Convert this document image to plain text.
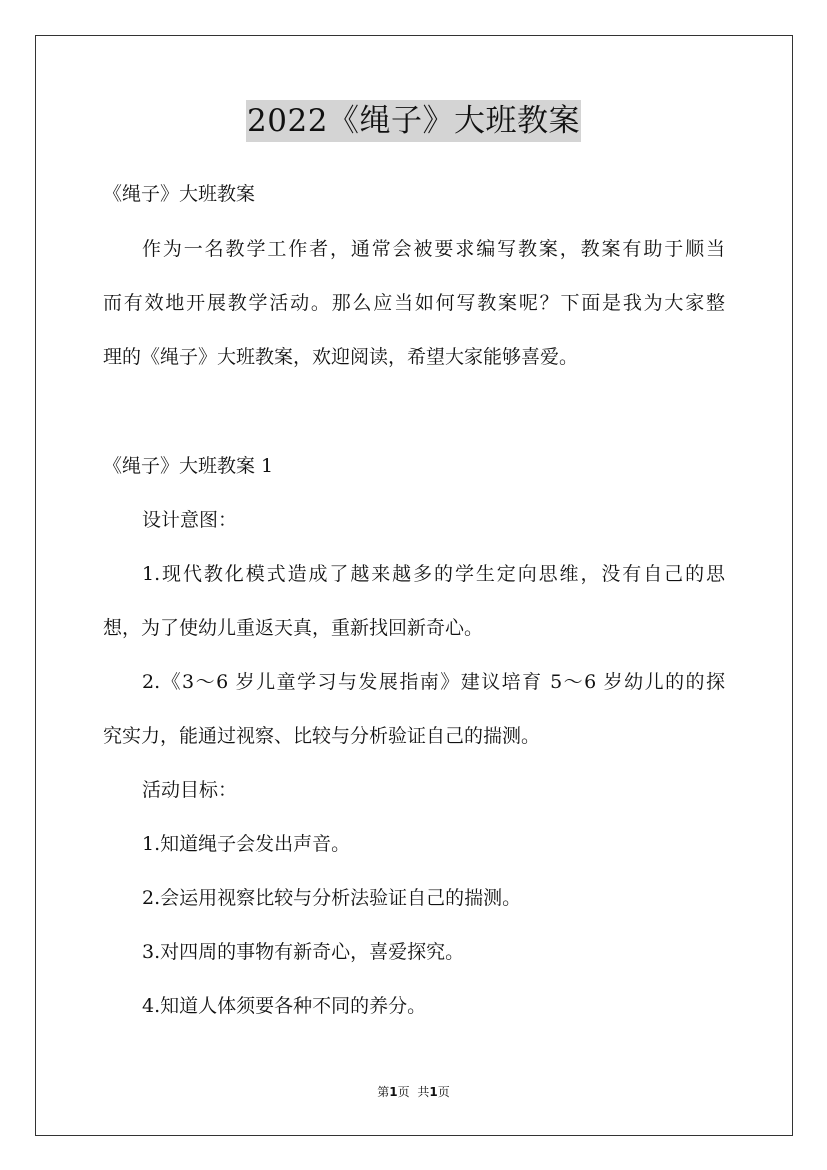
2022《绳子》大班教案
《绳子》大班教案
作为一名教学工作者，通常会被要求编写教案，教案有助于顺当
而有效地开展教学活动。那么应当如何写教案呢？下面是我为大家整
理的《绳子》大班教案，欢迎阅读，希望大家能够喜爱。
《绳子》大班教案 1
设计意图：
1.现代教化模式造成了越来越多的学生定向思维，没有自己的思
想，为了使幼儿重返天真，重新找回新奇心。
2.《3～6 岁儿童学习与发展指南》建议培育 5～6 岁幼儿的的探
究实力，能通过视察、比较与分析验证自己的揣测。
活动目标：
1.知道绳子会发出声音。
2.会运用视察比较与分析法验证自己的揣测。
3.对四周的事物有新奇心，喜爱探究。
4.知道人体须要各种不同的养分。
第1页 共1页
